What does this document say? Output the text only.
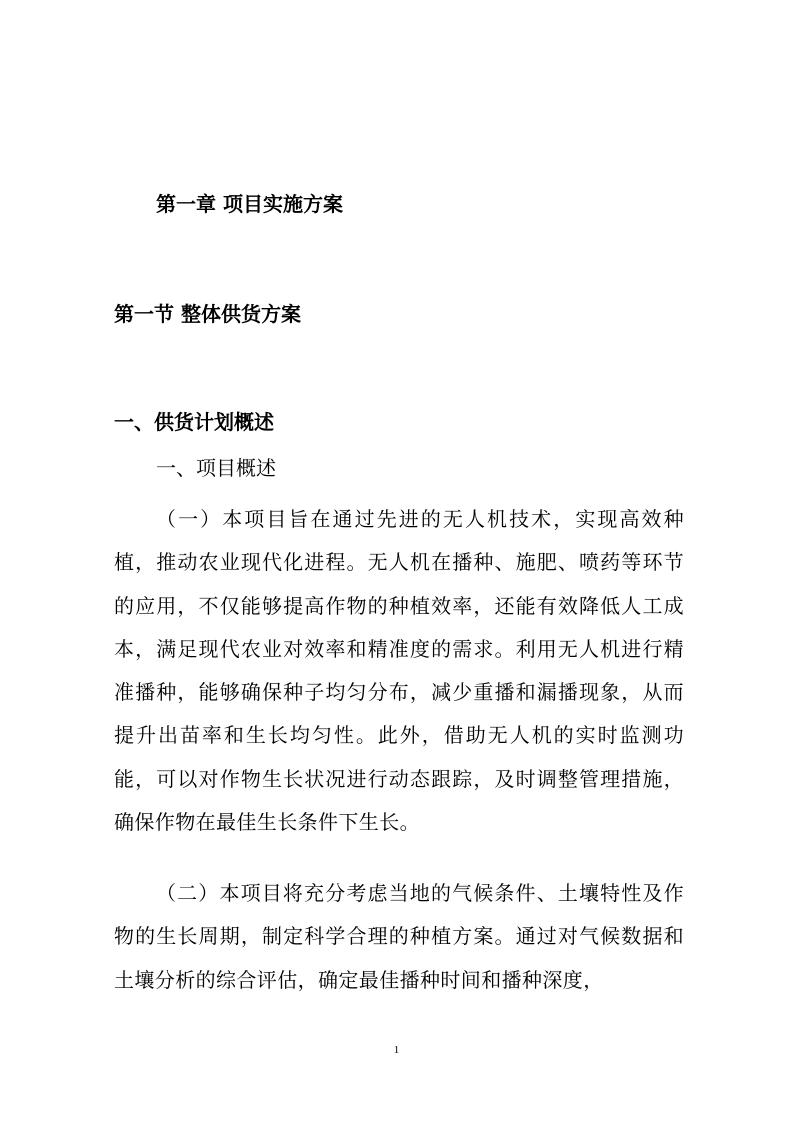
第一章 项目实施方案
第一节 整体供货方案
一、供货计划概述
一、项目概述

（一）本项目旨在通过先进的无人机技术，实现高效种植，推动农业现代化进程。无人机在播种、施肥、喷药等环节的应用，不仅能够提高作物的种植效率，还能有效降低人工成本，满足现代农业对效率和精准度的需求。利用无人机进行精准播种，能够确保种子均匀分布，减少重播和漏播现象，从而提升出苗率和生长均匀性。此外，借助无人机的实时监测功能，可以对作物生长状况进行动态跟踪，及时调整管理措施，确保作物在最佳生长条件下生长。

（二）本项目将充分考虑当地的气候条件、土壤特性及作物的生长周期，制定科学合理的种植方案。通过对气候数据和土壤分析的综合评估，确定最佳播种时间和播种深度，

1
